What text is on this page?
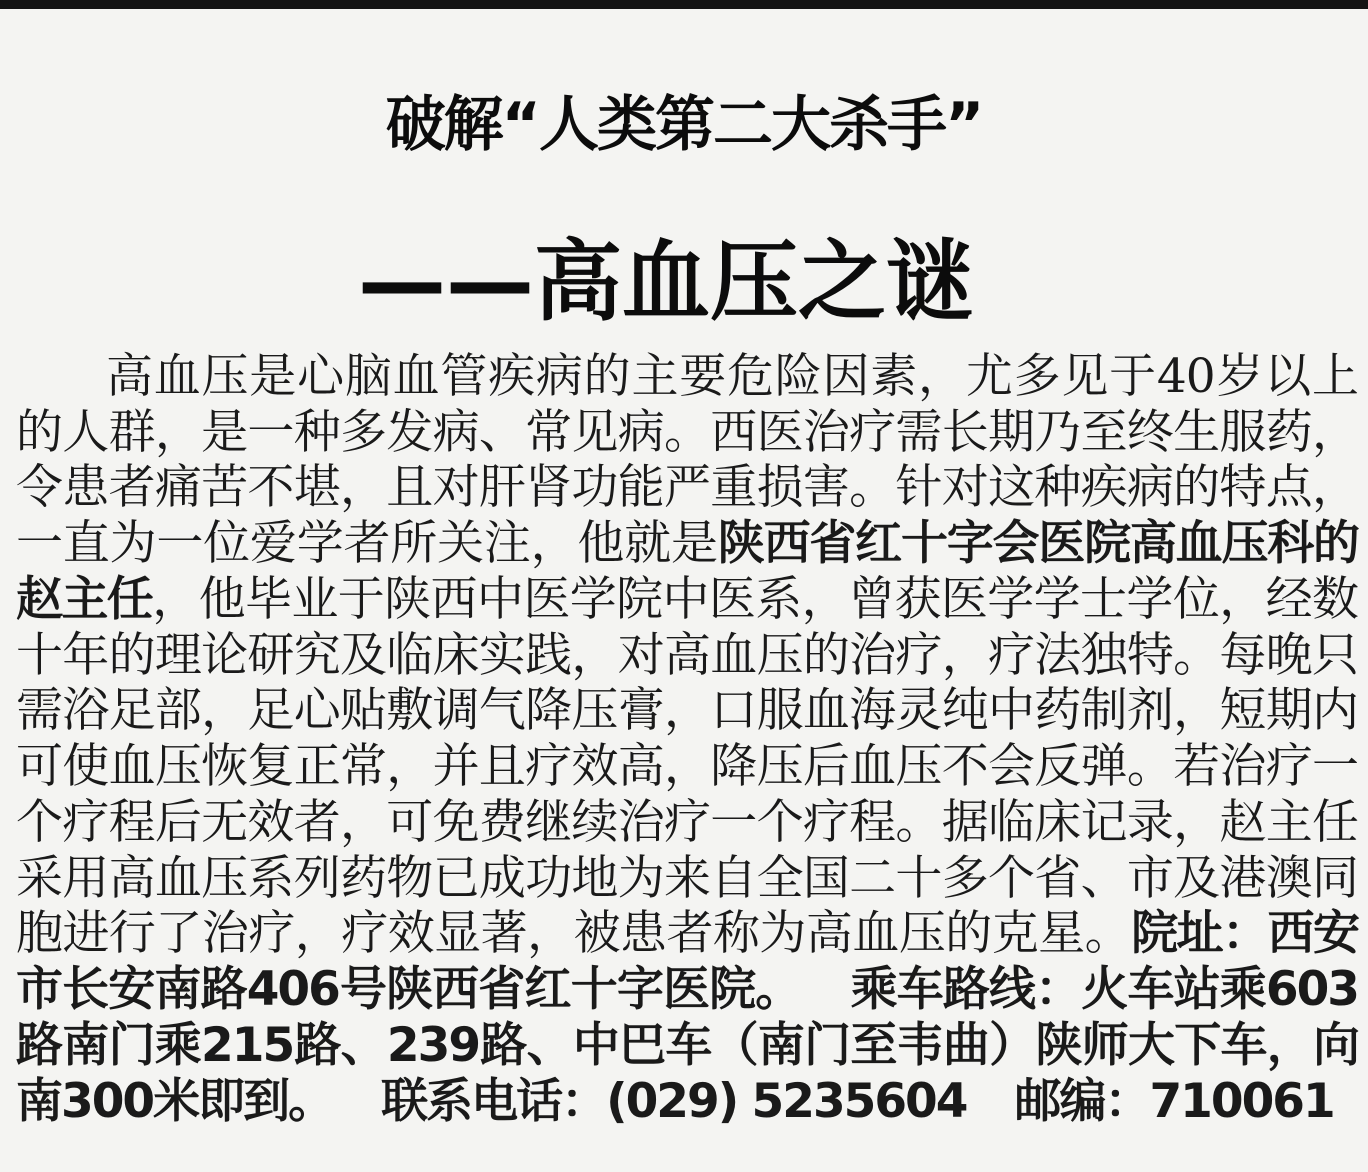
破解“人类第二大杀手”
——高血压之谜

高血压是心脑血管疾病的主要危险因素，尤多见于40岁以上的人群，是一种多发病、常见病。西医治疗需长期乃至终生服药，令患者痛苦不堪，且对肝肾功能严重损害。针对这种疾病的特点，一直为一位爱学者所关注，他就是陕西省红十字会医院高血压科的赵主任，他毕业于陕西中医学院中医系，曾获医学学士学位，经数十年的理论研究及临床实践，对高血压的治疗，疗法独特。每晚只需浴足部，足心贴敷调气降压膏，口服血海灵纯中药制剂，短期内可使血压恢复正常，并且疗效高，降压后血压不会反弹。若治疗一个疗程后无效者，可免费继续治疗一个疗程。据临床记录，赵主任采用高血压系列药物已成功地为来自全国二十多个省、市及港澳同胞进行了治疗，疗效显著，被患者称为高血压的克星。院址：西安市长安南路406号陕西省红十字医院。 乘车路线：火车站乘603路南门乘215路、239路、中巴车（南门至韦曲）陕师大下车，向南300米即到。 联系电话：(029) 5235604 邮编：710061
